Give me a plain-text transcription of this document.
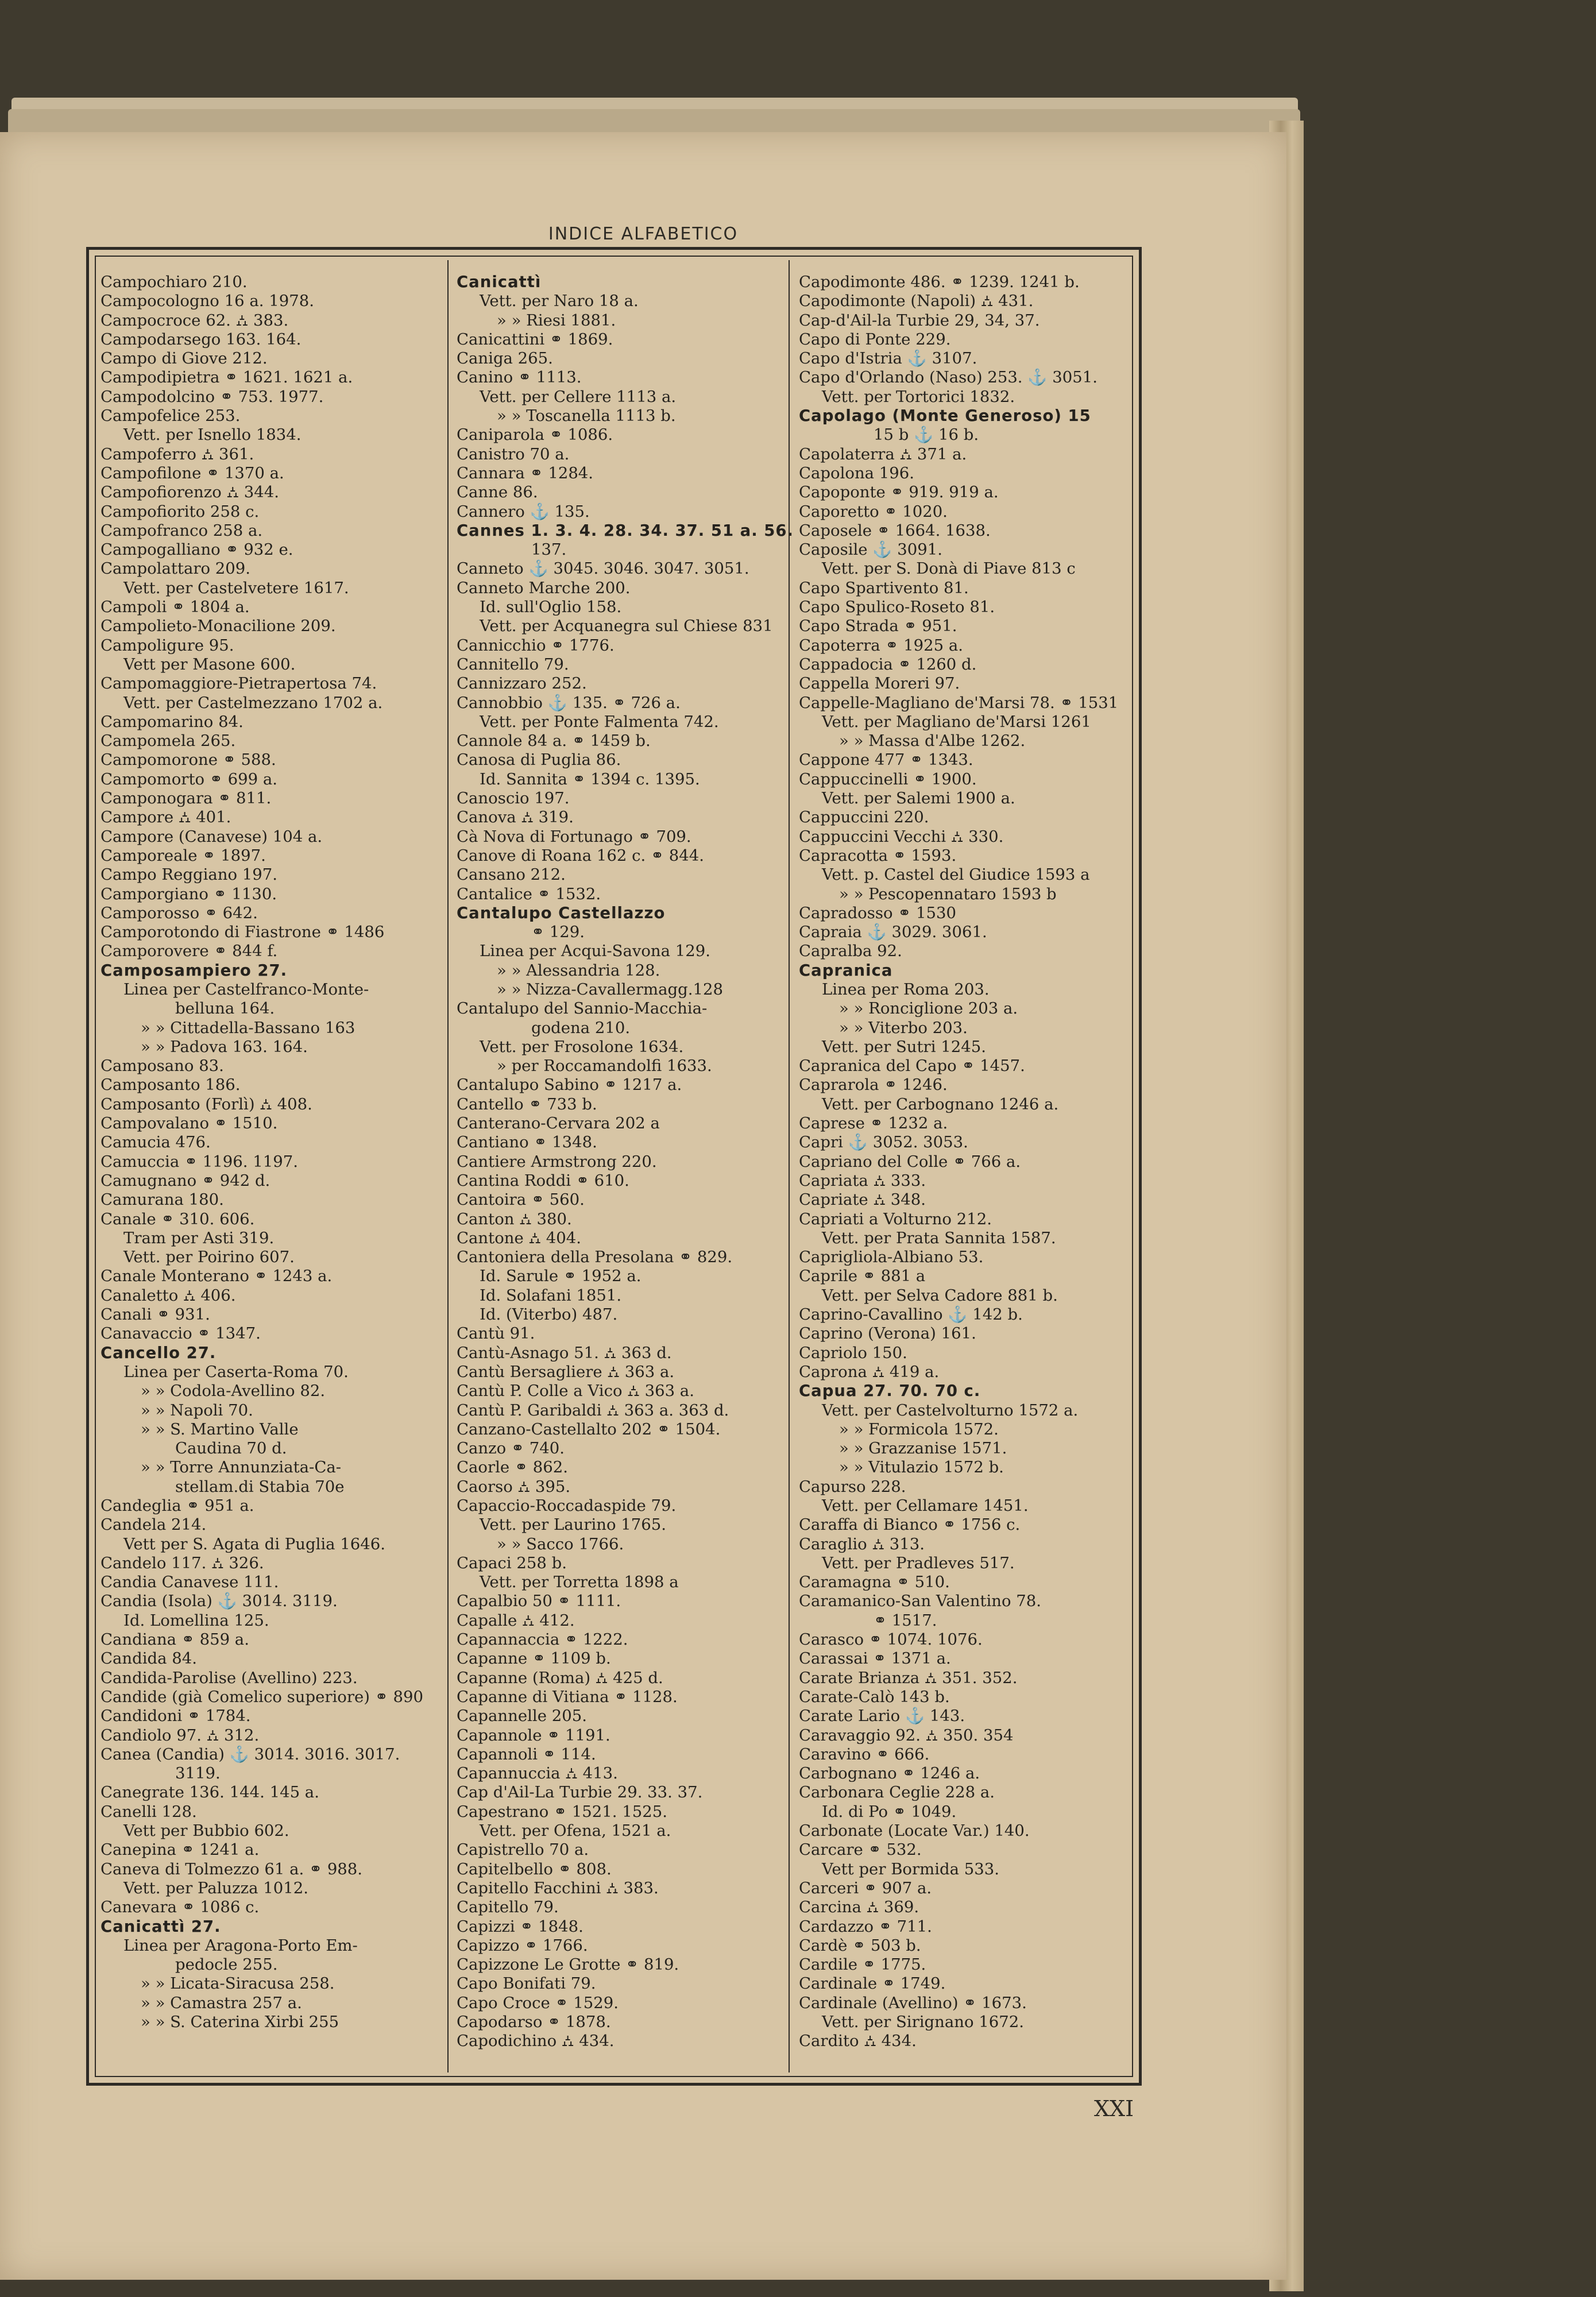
INDICE ALFABETICO
Campochiaro 210.
Campocologno 16 a. 1978.
Campocroce 62. ⛼ 383.
Campodarsego 163. 164.
Campo di Giove 212.
Campodipietra ⚭ 1621. 1621 a.
Campodolcino ⚭ 753. 1977.
Campofelice 253.
Vett. per Isnello 1834.
Campoferro ⛼ 361.
Campofilone ⚭ 1370 a.
Campofiorenzo ⛼ 344.
Campofiorito 258 c.
Campofranco 258 a.
Campogalliano ⚭ 932 e.
Campolattaro 209.
Vett. per Castelvetere 1617.
Campoli ⚭ 1804 a.
Campolieto-Monacilione 209.
Campoligure 95.
Vett per Masone 600.
Campomaggiore-Pietrapertosa 74.
Vett. per Castelmezzano 1702 a.
Campomarino 84.
Campomela 265.
Campomorone ⚭ 588.
Campomorto ⚭ 699 a.
Camponogara ⚭ 811.
Campore ⛼ 401.
Campore (Canavese) 104 a.
Camporeale ⚭ 1897.
Campo Reggiano 197.
Camporgiano ⚭ 1130.
Camporosso ⚭ 642.
Camporotondo di Fiastrone ⚭ 1486
Camporovere ⚭ 844 f.
Camposampiero 27.
Linea per Castelfranco-Monte-
belluna 164.
» » Cittadella-Bassano 163
» » Padova 163. 164.
Camposano 83.
Camposanto 186.
Camposanto (Forlì) ⛼ 408.
Campovalano ⚭ 1510.
Camucia 476.
Camuccia ⚭ 1196. 1197.
Camugnano ⚭ 942 d.
Camurana 180.
Canale ⚭ 310. 606.
Tram per Asti 319.
Vett. per Poirino 607.
Canale Monterano ⚭ 1243 a.
Canaletto ⛼ 406.
Canali ⚭ 931.
Canavaccio ⚭ 1347.
Cancello 27.
Linea per Caserta-Roma 70.
» » Codola-Avellino 82.
» » Napoli 70.
» » S. Martino Valle
Caudina 70 d.
» » Torre Annunziata-Ca-
stellam.di Stabia 70e
Candeglia ⚭ 951 a.
Candela 214.
Vett per S. Agata di Puglia 1646.
Candelo 117. ⛼ 326.
Candia Canavese 111.
Candia (Isola) ⚓ 3014. 3119.
Id. Lomellina 125.
Candiana ⚭ 859 a.
Candida 84.
Candida-Parolise (Avellino) 223.
Candide (già Comelico superiore) ⚭ 890
Candidoni ⚭ 1784.
Candiolo 97. ⛼ 312.
Canea (Candia) ⚓ 3014. 3016. 3017.
3119.
Canegrate 136. 144. 145 a.
Canelli 128.
Vett per Bubbio 602.
Canepina ⚭ 1241 a.
Caneva di Tolmezzo 61 a. ⚭ 988.
Vett. per Paluzza 1012.
Canevara ⚭ 1086 c.
Canicattì 27.
Linea per Aragona-Porto Em-
pedocle 255.
» » Licata-Siracusa 258.
» » Camastra 257 a.
» » S. Caterina Xirbi 255
Canicattì
Vett. per Naro 18 a.
» » Riesi 1881.
Canicattini ⚭ 1869.
Caniga 265.
Canino ⚭ 1113.
Vett. per Cellere 1113 a.
» » Toscanella 1113 b.
Caniparola ⚭ 1086.
Canistro 70 a.
Cannara ⚭ 1284.
Canne 86.
Cannero ⚓ 135.
Cannes 1. 3. 4. 28. 34. 37. 51 a. 56.
137.
Canneto ⚓ 3045. 3046. 3047. 3051.
Canneto Marche 200.
Id. sull'Oglio 158.
Vett. per Acquanegra sul Chiese 831
Cannicchio ⚭ 1776.
Cannitello 79.
Cannizzaro 252.
Cannobbio ⚓ 135. ⚭ 726 a.
Vett. per Ponte Falmenta 742.
Cannole 84 a. ⚭ 1459 b.
Canosa di Puglia 86.
Id. Sannita ⚭ 1394 c. 1395.
Canoscio 197.
Canova ⛼ 319.
Cà Nova di Fortunago ⚭ 709.
Canove di Roana 162 c. ⚭ 844.
Cansano 212.
Cantalice ⚭ 1532.
Cantalupo Castellazzo
⚭ 129.
Linea per Acqui-Savona 129.
» » Alessandria 128.
» » Nizza-Cavallermagg.128
Cantalupo del Sannio-Macchia-
godena 210.
Vett. per Frosolone 1634.
» per Roccamandolfi 1633.
Cantalupo Sabino ⚭ 1217 a.
Cantello ⚭ 733 b.
Canterano-Cervara 202 a
Cantiano ⚭ 1348.
Cantiere Armstrong 220.
Cantina Roddi ⚭ 610.
Cantoira ⚭ 560.
Canton ⛼ 380.
Cantone ⛼ 404.
Cantoniera della Presolana ⚭ 829.
Id. Sarule ⚭ 1952 a.
Id. Solafani 1851.
Id. (Viterbo) 487.
Cantù 91.
Cantù-Asnago 51. ⛼ 363 d.
Cantù Bersagliere ⛼ 363 a.
Cantù P. Colle a Vico ⛼ 363 a.
Cantù P. Garibaldi ⛼ 363 a. 363 d.
Canzano-Castellalto 202 ⚭ 1504.
Canzo ⚭ 740.
Caorle ⚭ 862.
Caorso ⛼ 395.
Capaccio-Roccadaspide 79.
Vett. per Laurino 1765.
» » Sacco 1766.
Capaci 258 b.
Vett. per Torretta 1898 a
Capalbio 50 ⚭ 1111.
Capalle ⛼ 412.
Capannaccia ⚭ 1222.
Capanne ⚭ 1109 b.
Capanne (Roma) ⛼ 425 d.
Capanne di Vitiana ⚭ 1128.
Capannelle 205.
Capannole ⚭ 1191.
Capannoli ⚭ 114.
Capannuccia ⛼ 413.
Cap d'Ail-La Turbie 29. 33. 37.
Capestrano ⚭ 1521. 1525.
Vett. per Ofena, 1521 a.
Capistrello 70 a.
Capitelbello ⚭ 808.
Capitello Facchini ⛼ 383.
Capitello 79.
Capizzi ⚭ 1848.
Capizzo ⚭ 1766.
Capizzone Le Grotte ⚭ 819.
Capo Bonifati 79.
Capo Croce ⚭ 1529.
Capodarso ⚭ 1878.
Capodichino ⛼ 434.
Capodimonte 486. ⚭ 1239. 1241 b.
Capodimonte (Napoli) ⛼ 431.
Cap-d'Ail-la Turbie 29, 34, 37.
Capo di Ponte 229.
Capo d'Istria ⚓ 3107.
Capo d'Orlando (Naso) 253. ⚓ 3051.
Vett. per Tortorici 1832.
Capolago (Monte Generoso) 15
15 b ⚓ 16 b.
Capolaterra ⛼ 371 a.
Capolona 196.
Capoponte ⚭ 919. 919 a.
Caporetto ⚭ 1020.
Caposele ⚭ 1664. 1638.
Caposile ⚓ 3091.
Vett. per S. Donà di Piave 813 c
Capo Spartivento 81.
Capo Spulico-Roseto 81.
Capo Strada ⚭ 951.
Capoterra ⚭ 1925 a.
Cappadocia ⚭ 1260 d.
Cappella Moreri 97.
Cappelle-Magliano de'Marsi 78. ⚭ 1531
Vett. per Magliano de'Marsi 1261
» » Massa d'Albe 1262.
Cappone 477 ⚭ 1343.
Cappuccinelli ⚭ 1900.
Vett. per Salemi 1900 a.
Cappuccini 220.
Cappuccini Vecchi ⛼ 330.
Capracotta ⚭ 1593.
Vett. p. Castel del Giudice 1593 a
» » Pescopennataro 1593 b
Capradosso ⚭ 1530
Capraia ⚓ 3029. 3061.
Capralba 92.
Capranica
Linea per Roma 203.
» » Ronciglione 203 a.
» » Viterbo 203.
Vett. per Sutri 1245.
Capranica del Capo ⚭ 1457.
Caprarola ⚭ 1246.
Vett. per Carbognano 1246 a.
Caprese ⚭ 1232 a.
Capri ⚓ 3052. 3053.
Capriano del Colle ⚭ 766 a.
Capriata ⛼ 333.
Capriate ⛼ 348.
Capriati a Volturno 212.
Vett. per Prata Sannita 1587.
Caprigliola-Albiano 53.
Caprile ⚭ 881 a
Vett. per Selva Cadore 881 b.
Caprino-Cavallino ⚓ 142 b.
Caprino (Verona) 161.
Capriolo 150.
Caprona ⛼ 419 a.
Capua 27. 70. 70 c.
Vett. per Castelvolturno 1572 a.
» » Formicola 1572.
» » Grazzanise 1571.
» » Vitulazio 1572 b.
Capurso 228.
Vett. per Cellamare 1451.
Caraffa di Bianco ⚭ 1756 c.
Caraglio ⛼ 313.
Vett. per Pradleves 517.
Caramagna ⚭ 510.
Caramanico-San Valentino 78.
⚭ 1517.
Carasco ⚭ 1074. 1076.
Carassai ⚭ 1371 a.
Carate Brianza ⛼ 351. 352.
Carate-Calò 143 b.
Carate Lario ⚓ 143.
Caravaggio 92. ⛼ 350. 354
Caravino ⚭ 666.
Carbognano ⚭ 1246 a.
Carbonara Ceglie 228 a.
Id. di Po ⚭ 1049.
Carbonate (Locate Var.) 140.
Carcare ⚭ 532.
Vett per Bormida 533.
Carceri ⚭ 907 a.
Carcina ⛼ 369.
Cardazzo ⚭ 711.
Cardè ⚭ 503 b.
Cardile ⚭ 1775.
Cardinale ⚭ 1749.
Cardinale (Avellino) ⚭ 1673.
Vett. per Sirignano 1672.
Cardito ⛼ 434.
XXI
